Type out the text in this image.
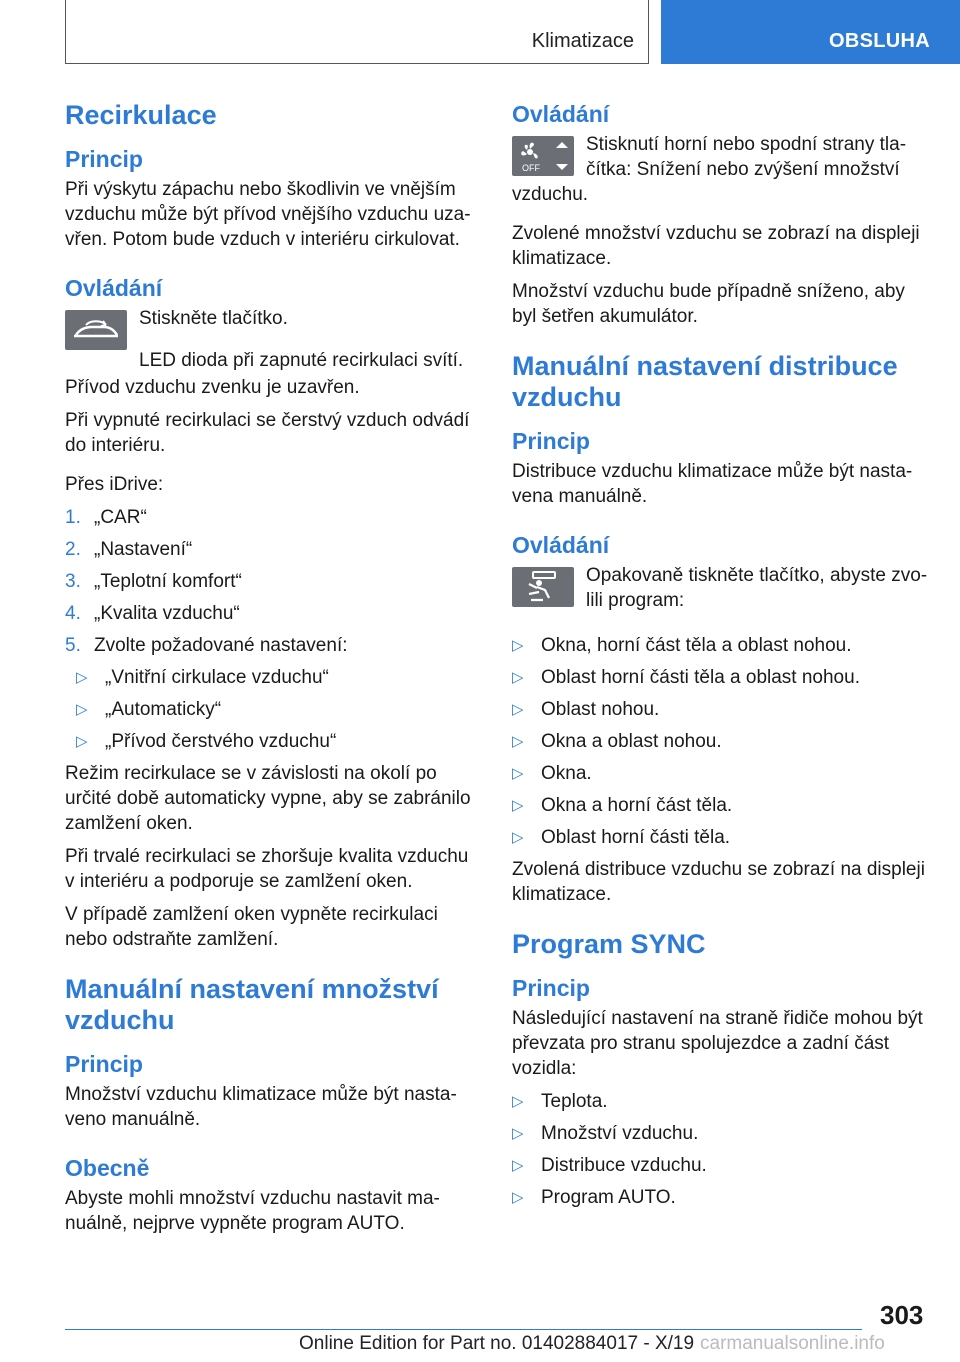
Klimatizace	OBSLUHA
Recirkulace
Princip

Při výskytu zápachu nebo škodlivin ve vnějším vzduchu může být přívod vnějšího vzduchu uzavřen. Potom bude vzduch v interiéru cirkulovat.

Ovládání

Stiskněte tlačítko.

LED dioda při zapnuté recirkulaci svítí.

Přívod vzduchu zvenku je uzavřen.

Při vypnuté recirkulaci se čerstvý vzduch odvádí do interiéru.

Přes iDrive:

1. „CAR“
2. „Nastavení“
3. „Teplotní komfort“
4. „Kvalita vzduchu“
5. Zvolte požadované nastavení:
▷ „Vnitřní cirkulace vzduchu“
▷ „Automaticky“
▷ „Přívod čerstvého vzduchu“

Režim recirkulace se v závislosti na okolí po určité době automaticky vypne, aby se zabránilo zamlžení oken.

Při trvalé recirkulaci se zhoršuje kvalita vzduchu v interiéru a podporuje se zamlžení oken.

V případě zamlžení oken vypněte recirkulaci nebo odstraňte zamlžení.

Manuální nastavení množství vzduchu
Princip

Množství vzduchu klimatizace může být nastaveno manuálně.

Obecně

Abyste mohli množství vzduchu nastavit manuálně, nejprve vypněte program AUTO.

Ovládání
OFF

Stisknutí horní nebo spodní strany tlačítka: Snížení nebo zvýšení množství

vzduchu.

Zvolené množství vzduchu se zobrazí na displeji klimatizace.

Množství vzduchu bude případně sníženo, aby byl šetřen akumulátor.

Manuální nastavení distribuce vzduchu
Princip

Distribuce vzduchu klimatizace může být nastavena manuálně.

Ovládání

Opakovaně tiskněte tlačítko, abyste zvolili program:

▷ Okna, horní část těla a oblast nohou.
▷ Oblast horní části těla a oblast nohou.
▷ Oblast nohou.
▷ Okna a oblast nohou.
▷ Okna.
▷ Okna a horní část těla.
▷ Oblast horní části těla.

Zvolená distribuce vzduchu se zobrazí na displeji klimatizace.

Program SYNC
Princip

Následující nastavení na straně řidiče mohou být převzata pro stranu spolujezdce a zadní část vozidla:

▷ Teplota.
▷ Množství vzduchu.
▷ Distribuce vzduchu.
▷ Program AUTO.
303
Online Edition for Part no. 01402884017 - X/19 carmanualsonline.info
